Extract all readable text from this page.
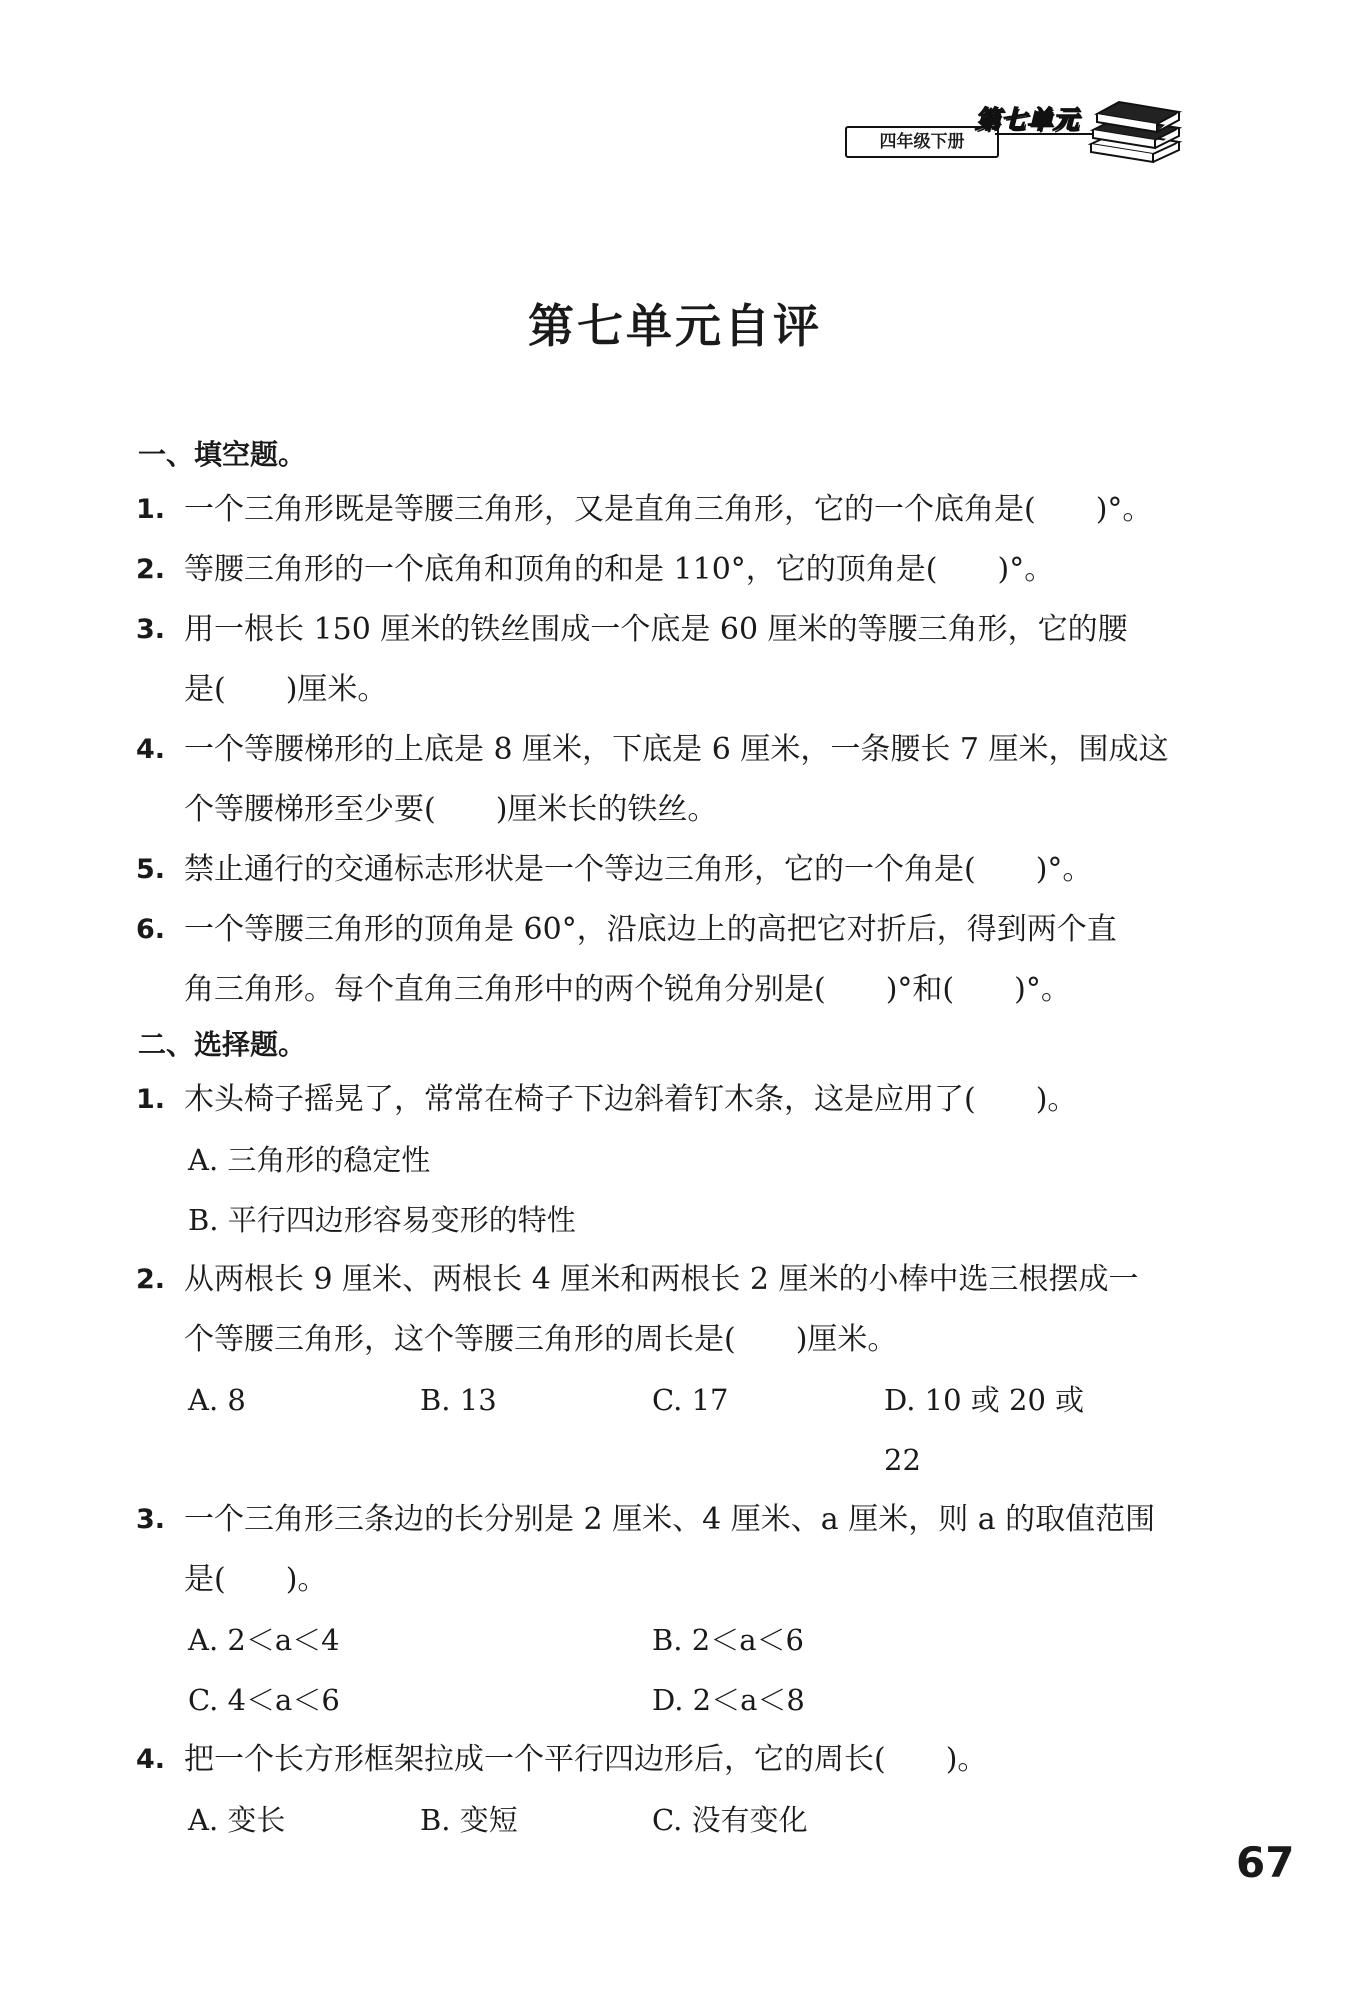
四年级下册
第七单元
第七单元自评
一、填空题。
1. 一个三角形既是等腰三角形，又是直角三角形，它的一个底角是(　　)°。
2. 等腰三角形的一个底角和顶角的和是 110°，它的顶角是(　　)°。
3. 用一根长 150 厘米的铁丝围成一个底是 60 厘米的等腰三角形，它的腰
是(　　)厘米。
4. 一个等腰梯形的上底是 8 厘米，下底是 6 厘米，一条腰长 7 厘米，围成这
个等腰梯形至少要(　　)厘米长的铁丝。
5. 禁止通行的交通标志形状是一个等边三角形，它的一个角是(　　)°。
6. 一个等腰三角形的顶角是 60°，沿底边上的高把它对折后，得到两个直
角三角形。每个直角三角形中的两个锐角分别是(　　)°和(　　)°。
二、选择题。
1. 木头椅子摇晃了，常常在椅子下边斜着钉木条，这是应用了(　　)。
A. 三角形的稳定性
B. 平行四边形容易变形的特性
2. 从两根长 9 厘米、两根长 4 厘米和两根长 2 厘米的小棒中选三根摆成一
个等腰三角形，这个等腰三角形的周长是(　　)厘米。
A. 8	B. 13	C. 17	D. 10 或 20 或 22
3. 一个三角形三条边的长分别是 2 厘米、4 厘米、a 厘米，则 a 的取值范围
是(　　)。
A. 2＜a＜4	B. 2＜a＜6
C. 4＜a＜6	D. 2＜a＜8
4. 把一个长方形框架拉成一个平行四边形后，它的周长(　　)。
A. 变长	B. 变短	C. 没有变化
67
